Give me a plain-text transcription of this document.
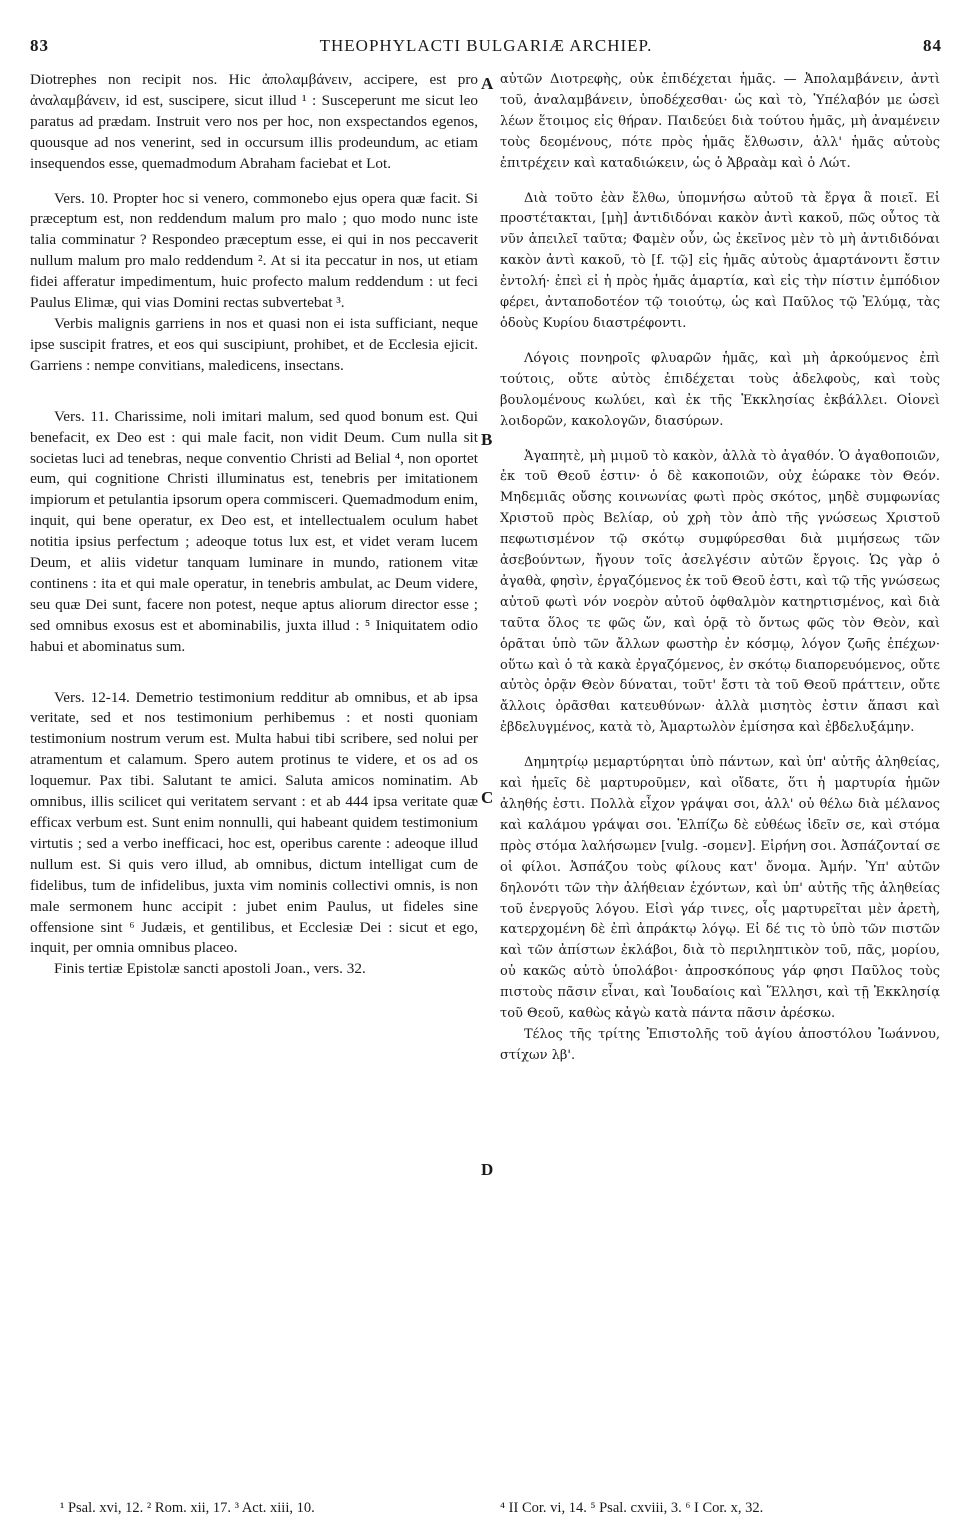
83	THEOPHYLACTI BULGARIÆ ARCHIEP.	84

Diotrephes non recipit nos. Hic ἀπολαμβάνειν, accipere, est pro ἀναλαμβάνειν, id est, suscipere, sicut illud ¹ : Susceperunt me sicut leo paratus ad prædam. Instruit vero nos per hoc, non exspectandos egenos, quousque ad nos venerint, sed in occursum illis prodeundum, ac etiam insequendos esse, quemadmodum Abraham faciebat et Lot.

Vers. 10. Propter hoc si venero, commonebo ejus opera quæ facit. Si præceptum est, non reddendum malum pro malo ; quo modo nunc iste talia comminatur ? Respondeo præceptum esse, ei qui in nos peccaverit nullum malum pro malo reddendum ². At si ita peccatur in nos, ut etiam fidei afferatur impedimentum, huic profecto malum reddendum : ut feci Paulus Elimæ, qui vias Domini rectas subvertebat ³.

Verbis malignis garriens in nos et quasi non ei ista sufficiant, neque ipse suscipit fratres, et eos qui suscipiunt, prohibet, et de Ecclesia ejicit. Garriens : nempe convitians, maledicens, insectans.

Vers. 11. Charissime, noli imitari malum, sed quod bonum est. Qui benefacit, ex Deo est : qui male facit, non vidit Deum. Cum nulla sit societas luci ad tenebras, neque conventio Christi ad Belial ⁴, non oportet eum, qui cognitione Christi illuminatus est, tenebris per imitationem impiorum et petulantia ipsorum opera commisceri. Quemadmodum enim, inquit, qui bene operatur, ex Deo est, et intellectualem oculum habet notitia ipsius perfectum ; adeoque totus lux est, et videt veram lucem Deum, et aliis videtur tanquam luminare in mundo, rationem vitæ continens : ita et qui male operatur, in tenebris ambulat, ac Deum videre, seu quæ Dei sunt, facere non potest, neque aptus aliorum director esse ; sed omnibus exosus est et abominabilis, juxta illud : ⁵ Iniquitatem odio habui et abominatus sum.

Vers. 12-14. Demetrio testimonium redditur ab omnibus, et ab ipsa veritate, sed et nos testimonium perhibemus : et nosti quoniam testimonium nostrum verum est. Multa habui tibi scribere, sed nolui per atramentum et calamum. Spero autem protinus te videre, et os ad os loquemur. Pax tibi. Salutant te amici. Saluta amicos nominatim. Ab omnibus, illis scilicet qui veritatem servant : et ab 444 ipsa veritate quæ efficax verbum est. Sunt enim nonnulli, qui habeant quidem testimonium virtutis ; sed a verbo inefficaci, hoc est, operibus carente : adeoque illud nullum est. Si quis vero illud, ab omnibus, dictum intelligat cum de fidelibus, tum de infidelibus, juxta vim nominis collectivi omnis, is non male sermonem hunc accipit : jubet enim Paulus, ut fideles sine offensione sint ⁶ Judæis, et gentilibus, et Ecclesiæ Dei : sicut et ego, inquit, per omnia omnibus placeo.

Finis tertiæ Epistolæ sancti apostoli Joan., vers. 32.

αὐτῶν Διοτρεφὴς, οὐκ ἐπιδέχεται ἡμᾶς. — Ἀπολαμβάνειν, ἀντὶ τοῦ, ἀναλαμβάνειν, ὑποδέχεσθαι· ὡς καὶ τὸ, Ὑπέλαβόν με ὡσεὶ λέων ἕτοιμος εἰς θήραν. Παιδεύει διὰ τούτου ἡμᾶς, μὴ ἀναμένειν τοὺς δεομένους, πότε πρὸς ἡμᾶς ἔλθωσιν, ἀλλ' ἡμᾶς αὐτοὺς ἐπιτρέχειν καὶ καταδιώκειν, ὡς ὁ Ἀβραὰμ καὶ ὁ Λώτ.

Διὰ τοῦτο ἐὰν ἔλθω, ὑπομνήσω αὐτοῦ τὰ ἔργα ἃ ποιεῖ. Εἰ προστέτακται, [μὴ] ἀντιδιδόναι κακὸν ἀντὶ κακοῦ, πῶς οὗτος τὰ νῦν ἀπειλεῖ ταῦτα; Φαμὲν οὖν, ὡς ἐκεῖνος μὲν τὸ μὴ ἀντιδιδόναι κακὸν ἀντὶ κακοῦ, τὸ [f. τῷ] εἰς ἡμᾶς αὐτοὺς ἁμαρτάνοντι ἔστιν ἐντολή· ἐπεὶ εἰ ἡ πρὸς ἡμᾶς ἁμαρτία, καὶ εἰς τὴν πίστιν ἐμπόδιον φέρει, ἀνταποδοτέον τῷ τοιούτῳ, ὡς καὶ Παῦλος τῷ Ἐλύμᾳ, τὰς ὁδοὺς Κυρίου διαστρέφοντι.

Λόγοις πονηροῖς φλυαρῶν ἡμᾶς, καὶ μὴ ἀρκούμενος ἐπὶ τούτοις, οὔτε αὐτὸς ἐπιδέχεται τοὺς ἀδελφοὺς, καὶ τοὺς βουλομένους κωλύει, καὶ ἐκ τῆς Ἐκκλησίας ἐκβάλλει. Οἱονεὶ λοιδορῶν, κακολογῶν, διασύρων.

Ἀγαπητὲ, μὴ μιμοῦ τὸ κακὸν, ἀλλὰ τὸ ἀγαθόν. Ὁ ἀγαθοποιῶν, ἐκ τοῦ Θεοῦ ἐστιν· ὁ δὲ κακοποιῶν, οὐχ ἑώρακε τὸν Θεόν. Μηδεμιᾶς οὔσης κοινωνίας φωτὶ πρὸς σκότος, μηδὲ συμφωνίας Χριστοῦ πρὸς Βελίαρ, οὐ χρὴ τὸν ἀπὸ τῆς γνώσεως Χριστοῦ πεφωτισμένον τῷ σκότῳ συμφύρεσθαι διὰ μιμήσεως τῶν ἀσεβούντων, ἤγουν τοῖς ἀσελγέσιν αὐτῶν ἔργοις. Ὡς γὰρ ὁ ἀγαθὰ, φησὶν, ἐργαζόμενος ἐκ τοῦ Θεοῦ ἐστι, καὶ τῷ τῆς γνώσεως αὐτοῦ φωτὶ νόν νοερὸν αὐτοῦ ὀφθαλμὸν κατηρτισμένος, καὶ διὰ ταῦτα ὅλος τε φῶς ὤν, καὶ ὁρᾷ τὸ ὄντως φῶς τὸν Θεὸν, καὶ ὁρᾶται ὑπὸ τῶν ἄλλων φωστὴρ ἐν κόσμῳ, λόγον ζωῆς ἐπέχων· οὕτω καὶ ὁ τὰ κακὰ ἐργαζόμενος, ἐν σκότῳ διαπορευόμενος, οὔτε αὐτὸς ὁρᾷν Θεὸν δύναται, τοῦτ' ἔστι τὰ τοῦ Θεοῦ πράττειν, οὔτε ἄλλοις ὁρᾶσθαι κατευθύνων· ἀλλὰ μισητὸς ἐστιν ἅπασι καὶ ἐβδελυγμένος, κατὰ τὸ, Ἁμαρτωλὸν ἐμίσησα καὶ ἐβδελυξάμην.

Δημητρίῳ μεμαρτύρηται ὑπὸ πάντων, καὶ ὑπ' αὐτῆς ἀληθείας, καὶ ἡμεῖς δὲ μαρτυροῦμεν, καὶ οἴδατε, ὅτι ἡ μαρτυρία ἡμῶν ἀληθής ἐστι. Πολλὰ εἶχον γράψαι σοι, ἀλλ' οὐ θέλω διὰ μέλανος καὶ καλάμου γράψαι σοι. Ἐλπίζω δὲ εὐθέως ἰδεῖν σε, καὶ στόμα πρὸς στόμα λαλήσωμεν [vulg. -σομεν]. Εἰρήνη σοι. Ἀσπάζονταί σε οἱ φίλοι. Ἀσπάζου τοὺς φίλους κατ' ὄνομα. Ἀμήν. Ὑπ' αὐτῶν δηλονότι τῶν τὴν ἀλήθειαν ἐχόντων, καὶ ὑπ' αὐτῆς τῆς ἀληθείας τοῦ ἐνεργοῦς λόγου. Εἰσὶ γάρ τινες, οἷς μαρτυρεῖται μὲν ἀρετὴ, κατερχομένη δὲ ἐπὶ ἀπράκτῳ λόγῳ. Εἰ δέ τις τὸ ὑπὸ τῶν πιστῶν καὶ τῶν ἀπίστων ἐκλάβοι, διὰ τὸ περιληπτικὸν τοῦ, πᾶς, μορίου, οὐ κακῶς αὐτὸ ὑπολάβοι· ἀπροσκόπους γάρ φησι Παῦλος τοὺς πιστοὺς πᾶσιν εἶναι, καὶ Ἰουδαίοις καὶ Ἕλλησι, καὶ τῇ Ἐκκλησίᾳ τοῦ Θεοῦ, καθὼς κἀγὼ κατὰ πάντα πᾶσιν ἀρέσκω.

Τέλος τῆς τρίτης Ἐπιστολῆς τοῦ ἁγίου ἀποστόλου Ἰωάννου, στίχων λβ'.

A
B
C
D
¹ Psal. xvi, 12. ² Rom. xii, 17. ³ Act. xiii, 10.	⁴ II Cor. vi, 14. ⁵ Psal. cxviii, 3. ⁶ I Cor. x, 32.
